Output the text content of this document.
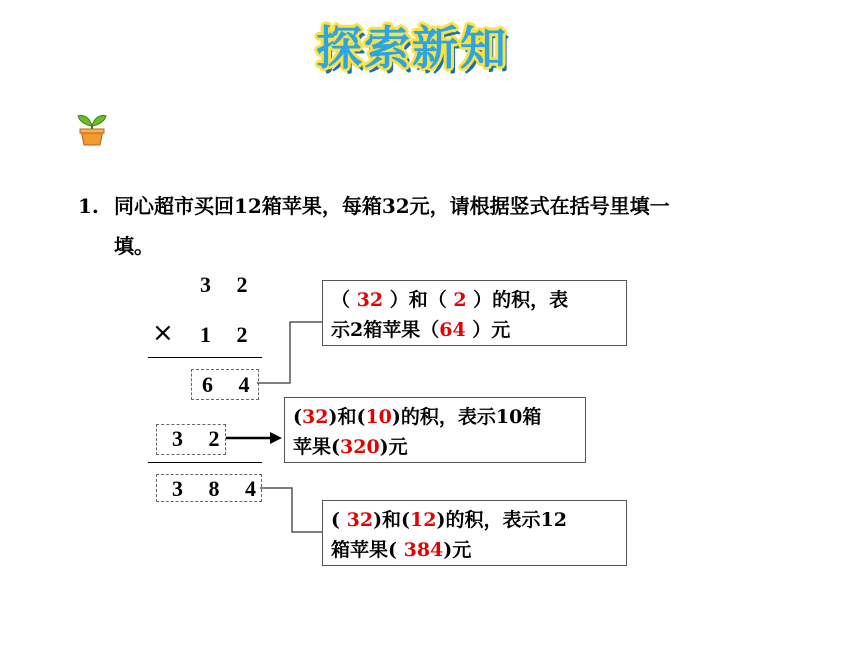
探索新知
1. 同心超市买回12箱苹果，每箱32元，请根据竖式在括号里填一
填。
3 2
× 1 2
6 4
3 2
3 8 4
（ 32 ）和（ 2 ）的积，表
示2箱苹果（64 ）元
(32)和(10)的积，表示10箱
苹果(320)元
( 32)和(12)的积，表示12
箱苹果( 384)元
